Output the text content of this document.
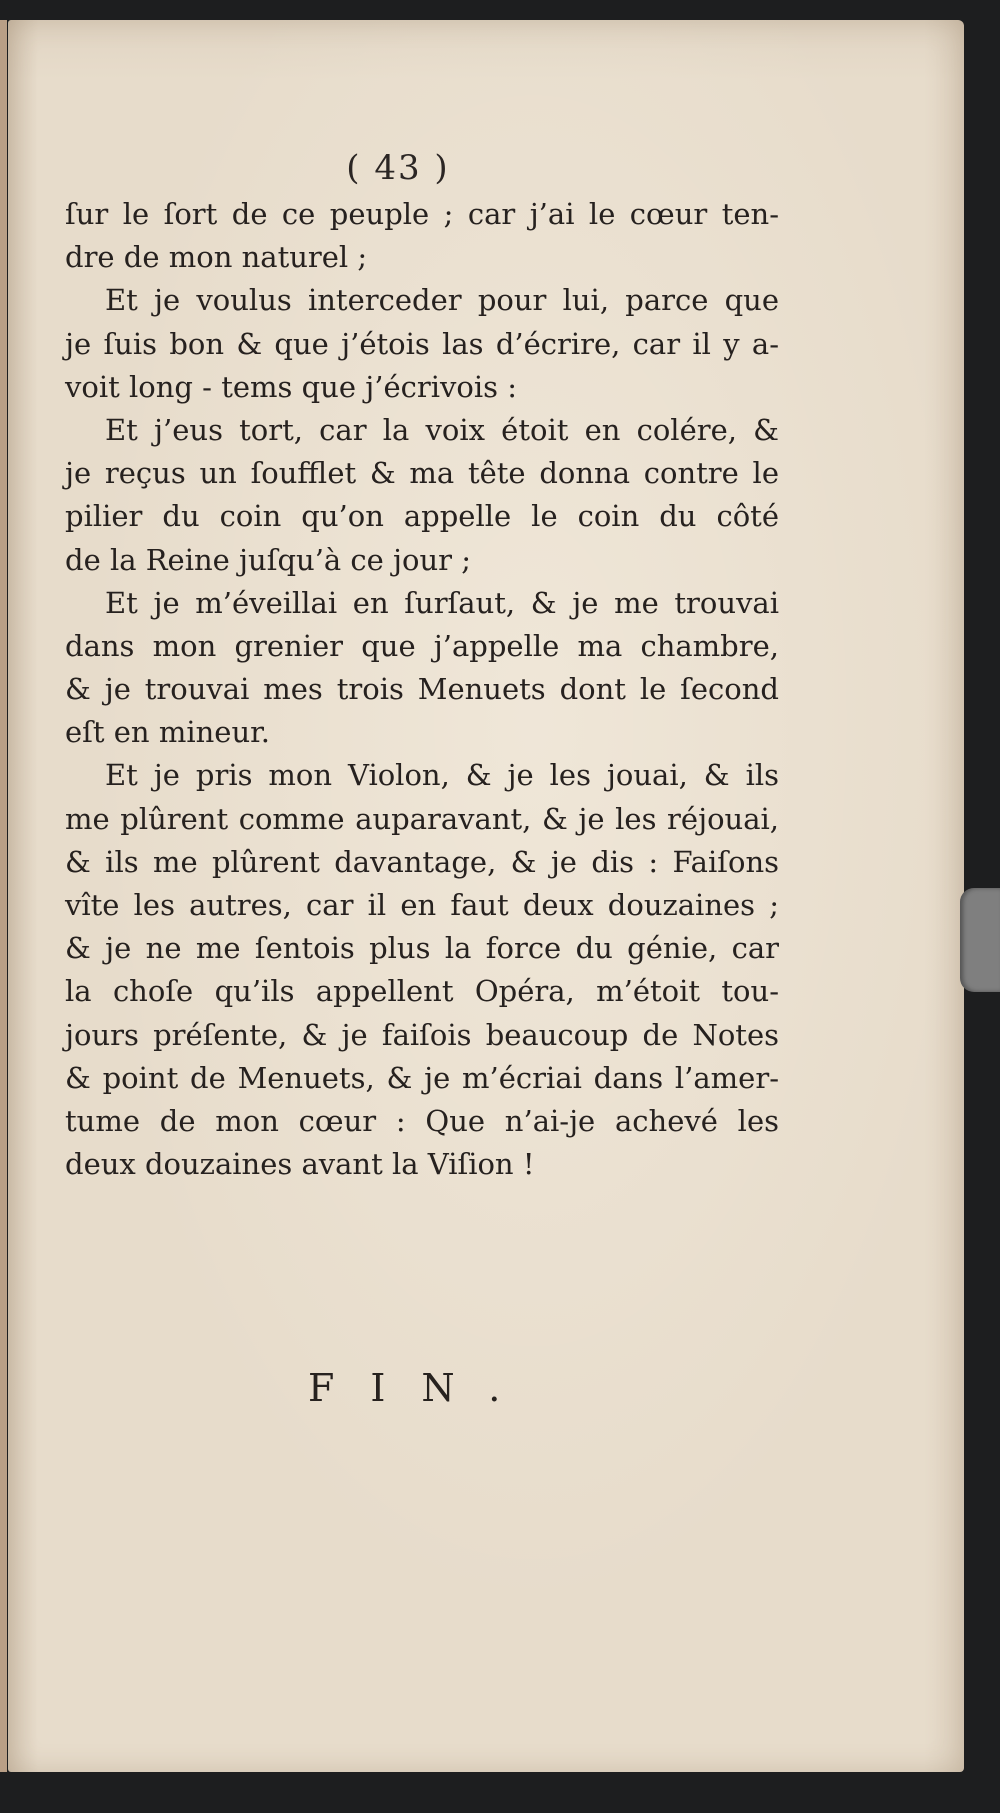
( 43 )
ſur le ſort de ce peuple ; car j’ai le cœur ten-
dre de mon naturel ;
Et je voulus interceder pour lui, parce que
je ſuis bon & que j’étois las d’écrire, car il y a-
voit long - tems que j’écrivois :
Et j’eus tort, car la voix étoit en colére, &
je reçus un ſoufflet & ma tête donna contre le
pilier du coin qu’on appelle le coin du côté
de la Reine juſqu’à ce jour ;
Et je m’éveillai en ſurſaut, & je me trouvai
dans mon grenier que j’appelle ma chambre,
& je trouvai mes trois Menuets dont le ſecond
eſt en mineur.
Et je pris mon Violon, & je les jouai, & ils
me plûrent comme auparavant, & je les réjouai,
& ils me plûrent davantage, & je dis : Faiſons
vîte les autres, car il en faut deux douzaines ;
& je ne me ſentois plus la force du génie, car
la choſe qu’ils appellent Opéra, m’étoit tou-
jours préſente, & je faiſois beaucoup de Notes
& point de Menuets, & je m’écriai dans l’amer-
tume de mon cœur : Que n’ai-je achevé les
deux douzaines avant la Viſion !
FIN.
